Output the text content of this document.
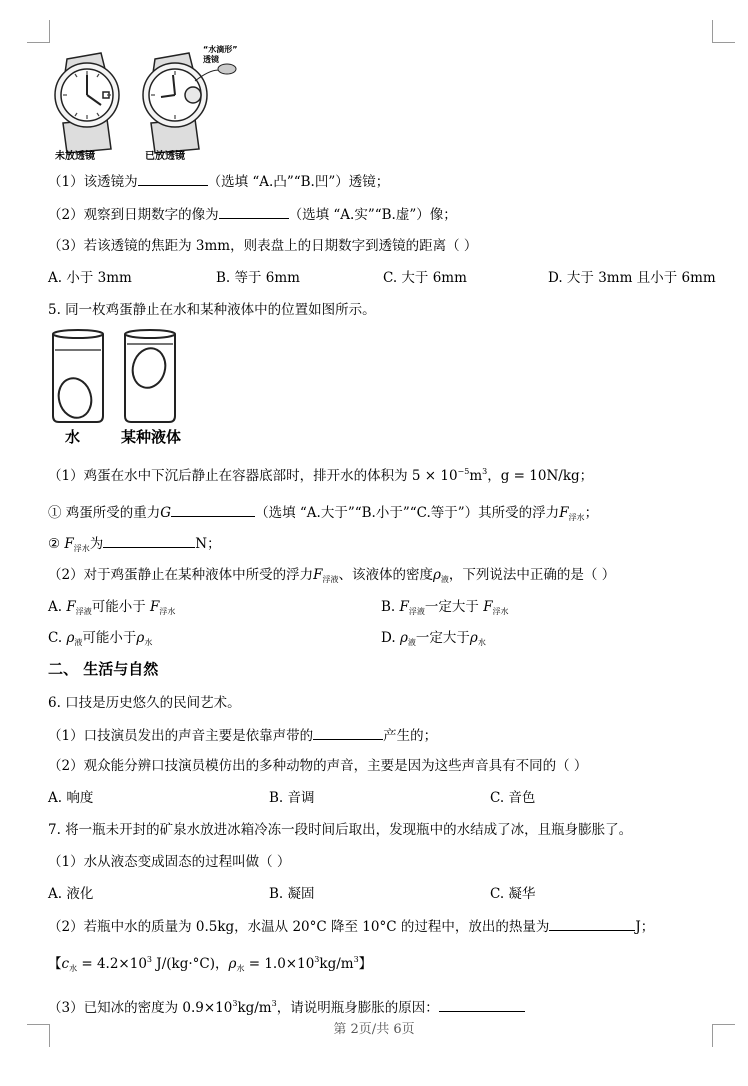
未放透镜	已放透镜
“水滴形”
透镜
（1）该透镜为	（选填 “A.凸”“B.凹”）透镜；
（2）观察到日期数字的像为	（选填 “A.实”“B.虚”）像；
（3）若该透镜的焦距为 3mm，则表盘上的日期数字到透镜的距离（ ）
A. 小于 3mm	B. 等于 6mm	C. 大于 6mm	D. 大于 3mm 且小于 6mm
5. 同一枚鸡蛋静止在水和某种液体中的位置如图所示。
水	某种液体
（1）鸡蛋在水中下沉后静止在容器底部时，排开水的体积为 $5 \times 10^{-5}m^3$，g = 10N/kg；
① 鸡蛋所受的重力G	（选填 “A.大于”“B.小于”“C.等于”）其所受的浮力$F_{浮水}$；
② $F_{浮水}$为	N；
（2）对于鸡蛋静止在某种液体中所受的浮力$F_{浮液}$、该液体的密度$\rho_液$，下列说法中正确的是（ ）
A. $F_{浮液}$可能小于 $F_{浮水}$	B. $F_{浮液}$一定大于 $F_{浮水}$
C. $\rho_液$可能小于$\rho_水$	D. $\rho_液$一定大于$\rho_水$
二、 生活与自然
6. 口技是历史悠久的民间艺术。
（1）口技演员发出的声音主要是依靠声带的	产生的；
（2）观众能分辨口技演员模仿出的多种动物的声音，主要是因为这些声音具有不同的（ ）
A. 响度	B. 音调	C. 音色
7. 将一瓶未开封的矿泉水放进冰箱冷冻一段时间后取出，发现瓶中的水结成了冰，且瓶身膨胀了。
（1）水从液态变成固态的过程叫做（ ）
A. 液化	B. 凝固	C. 凝华
（2）若瓶中水的质量为 0.5kg，水温从 20°C 降至 10°C 的过程中，放出的热量为	J；
【$c_水 = 4.2\times 10^3$ J/(kg·°C)，$\rho_水 = 1.0\times 10^3kg/m^3$】
（3）已知冰的密度为 $0.9\times 10^3kg/m^3$，请说明瓶身膨胀的原因：
第 2页/共 6页
